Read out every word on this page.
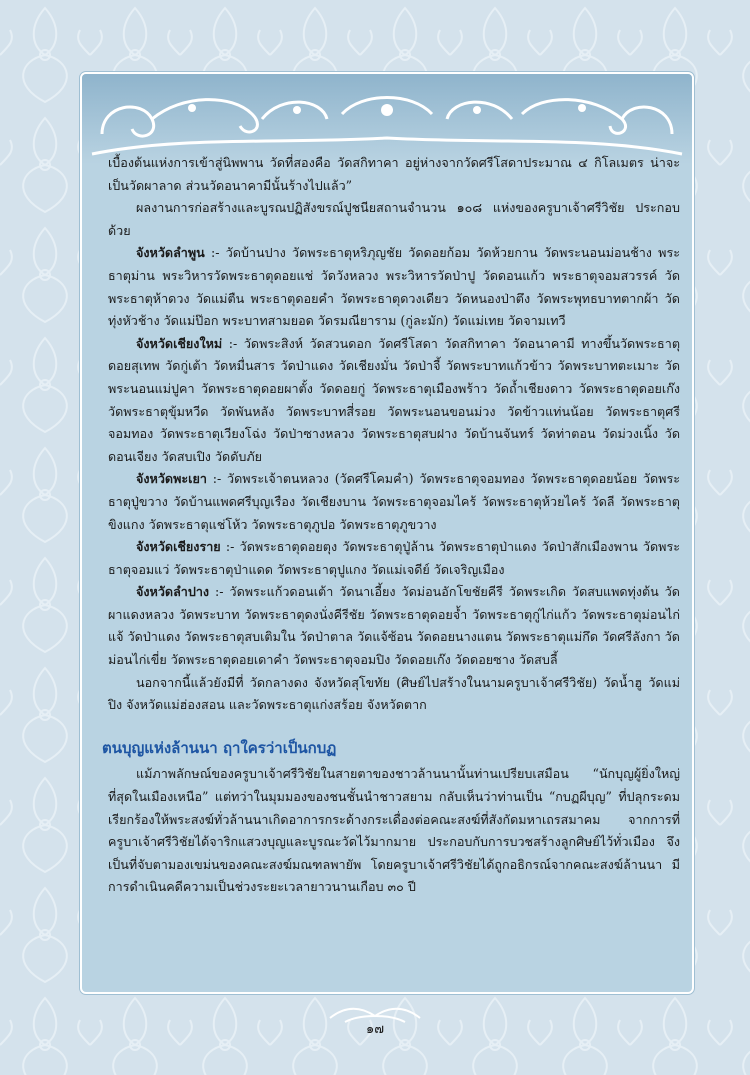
เบื้องต้นแห่งการเข้าสู่นิพพาน วัดที่สองคือ วัดสกิทาคา อยู่ห่างจากวัดศรีโสดาประมาณ ๔ กิโลเมตร น่าจะเป็นวัดผาลาด ส่วนวัดอนาคามีนั้นร้างไปแล้ว”

ผลงานการก่อสร้างและบูรณปฏิสังขรณ์ปูชนียสถานจำนวน ๑๐๘ แห่งของครูบาเจ้าศรีวิชัย ประกอบด้วย

จังหวัดลำพูน :- วัดบ้านปาง วัดพระธาตุหริภุญชัย วัดดอยก้อม วัดห้วยกาน วัดพระนอนม่อนช้าง พระธาตุม่าน พระวิหารวัดพระธาตุดอยแช่ วัดวังหลวง พระวิหารวัดป่าปู วัดดอนแก้ว พระธาตุจอมสวรรค์ วัดพระธาตุห้าดวง วัดแม่ตืน พระธาตุดอยคำ วัดพระธาตุดวงเดียว วัดหนองป่าตึง วัดพระพุทธบาทตากผ้า วัดทุ่งหัวช้าง วัดแม่ป๊อก พระบาทสามยอด วัดรมณียาราม (กู่ละมัก) วัดแม่เทย วัดจามเทวี

จังหวัดเชียงใหม่ :- วัดพระสิงห์ วัดสวนดอก วัดศรีโสดา วัดสกิทาคา วัดอนาคามี ทางขึ้นวัดพระธาตุดอยสุเทพ วัดกู่เต้า วัดหมื่นสาร วัดป่าแดง วัดเชียงมั่น วัดป่าจี้ วัดพระบาทแก้วข้าว วัดพระบาทตะเมาะ วัดพระนอนแม่ปูคา วัดพระธาตุดอยผาตั้ง วัดดอยกู่ วัดพระธาตุเมืองพร้าว วัดถ้ำเชียงดาว วัดพระธาตุดอยเก๊ง วัดพระธาตุขุ้มหวีด วัดพันหลัง วัดพระบาทสี่รอย วัดพระนอนขอนม่วง วัดข้าวแท่นน้อย วัดพระธาตุศรีจอมทอง วัดพระธาตุเวียงโฉ่ง วัดป่าซางหลวง วัดพระธาตุสบฝาง วัดบ้านจันทร์ วัดท่าตอน วัดม่วงเนิ้ง วัดดอนเจียง วัดสบเปิง วัดดับภัย

จังหวัดพะเยา :- วัดพระเจ้าตนหลวง (วัดศรีโคมคำ) วัดพระธาตุจอมทอง วัดพระธาตุดอยน้อย วัดพระธาตุปู่ขวาง วัดบ้านแพดศรีบุญเรือง วัดเชียงบาน วัดพระธาตุจอมไคร้ วัดพระธาตุห้วยไคร้ วัดลี วัดพระธาตุขิงแกง วัดพระธาตุแช่โห้ว วัดพระธาตุภูปอ วัดพระธาตุภูขวาง

จังหวัดเชียงราย :- วัดพระธาตุดอยตุง วัดพระธาตุปู่ล้าน วัดพระธาตุป่าแดง วัดป่าสักเมืองพาน วัดพระธาตุจอมแว่ วัดพระธาตุป่าแดด วัดพระธาตุปูแกง วัดแม่เจดีย์ วัดเจริญเมือง

จังหวัดลำปาง :- วัดพระแก้วดอนเต้า วัดนาเอี้ยง วัดม่อนอักโขชัยคีรี วัดพระเกิด วัดสบแพดทุ่งต้น วัดผาแดงหลวง วัดพระบาท วัดพระธาตุดงนั่งคีรีชัย วัดพระธาตุดอยจ้ำ วัดพระธาตุกู่ไก่แก้ว วัดพระธาตุม่อนไก่แจ้ วัดป่าแดง วัดพระธาตุสบเติมใน วัดป่าตาล วัดแจ้ซ้อน วัดดอยนางแตน วัดพระธาตุแม่กึด วัดศรีลังกา วัดม่อนไก่เขี่ย วัดพระธาตุดอยเดาคำ วัดพระธาตุจอมปิง วัดดอยเก๊ง วัดดอยซาง วัดสบลี้

นอกจากนี้แล้วยังมีที่ วัดกลางดง จังหวัดสุโขทัย (ศิษย์ไปสร้างในนามครูบาเจ้าศรีวิชัย) วัดน้ำฮู วัดแม่ปิง จังหวัดแม่ฮ่องสอน และวัดพระธาตุแก่งสร้อย จังหวัดตาก

ตนบุญแห่งล้านนา ฤาใครว่าเป็นกบฏ

แม้ภาพลักษณ์ของครูบาเจ้าศรีวิชัยในสายตาของชาวล้านนานั้นท่านเปรียบเสมือน “นักบุญผู้ยิ่งใหญ่ที่สุดในเมืองเหนือ” แต่ทว่าในมุมมองของชนชั้นนำชาวสยาม กลับเห็นว่าท่านเป็น “กบฏผีบุญ” ที่ปลุกระดมเรียกร้องให้พระสงฆ์ทั่วล้านนาเกิดอาการกระด้างกระเดื่องต่อคณะสงฆ์ที่สังกัดมหาเถรสมาคม จากการที่ครูบาเจ้าศรีวิชัยได้จาริกแสวงบุญและบูรณะวัดไว้มากมาย ประกอบกับการบวชสร้างลูกศิษย์ไว้ทั่วเมือง จึงเป็นที่จับตามองเขม่นของคณะสงฆ์มณฑลพายัพ โดยครูบาเจ้าศรีวิชัยได้ถูกอธิกรณ์จากคณะสงฆ์ล้านนา มีการดำเนินคดีความเป็นช่วงระยะเวลายาวนานเกือบ ๓๐ ปี

๑๗
